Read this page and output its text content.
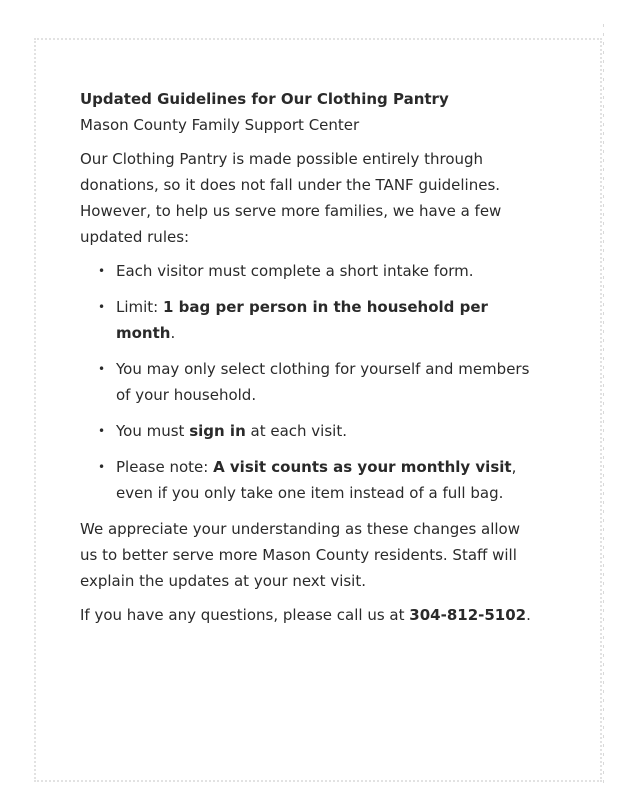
Updated Guidelines for Our Clothing Pantry

Mason County Family Support Center

Our Clothing Pantry is made possible entirely through donations, so it does not fall under the TANF guidelines. However, to help us serve more families, we have a few updated rules:

• Each visitor must complete a short intake form.
• Limit: 1 bag per person in the household per month.
• You may only select clothing for yourself and members of your household.
• You must sign in at each visit.
• Please note: A visit counts as your monthly visit, even if you only take one item instead of a full bag.

We appreciate your understanding as these changes allow us to better serve more Mason County residents. Staff will explain the updates at your next visit.

If you have any questions, please call us at 304-812-5102.
